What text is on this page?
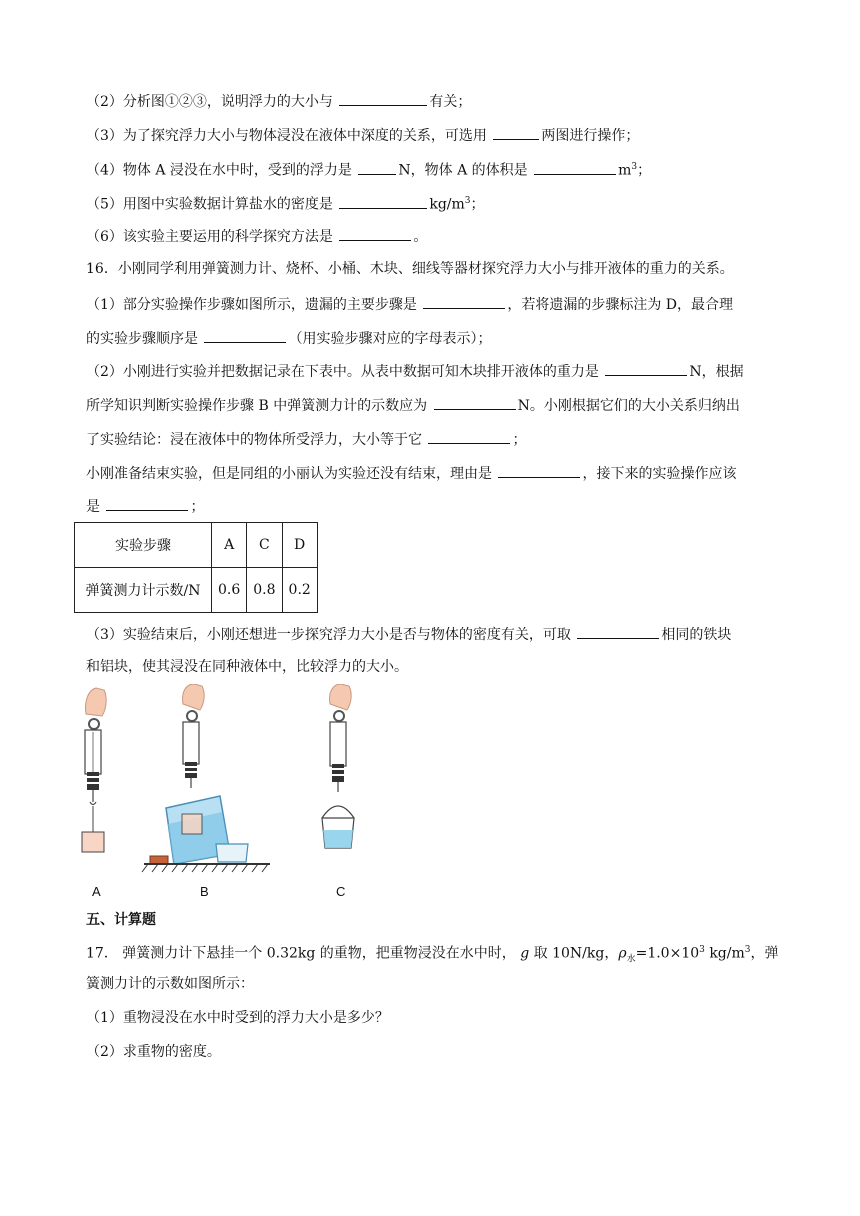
（2）分析图①②③，说明浮力的大小与	有关；
（3）为了探究浮力大小与物体浸没在液体中深度的关系，可选用	两图进行操作；
（4）物体 A 浸没在水中时，受到的浮力是	N，物体 A 的体积是	$m^3$；
（5）用图中实验数据计算盐水的密度是	$kg/m^3$；
（6）该实验主要运用的科学探究方法是	。
16．小刚同学利用弹簧测力计、烧杯、小桶、木块、细线等器材探究浮力大小与排开液体的重力的关系。
（1）部分实验操作步骤如图所示，遗漏的主要步骤是	，若将遗漏的步骤标注为 D，最合理
的实验步骤顺序是	（用实验步骤对应的字母表示）；
（2）小刚进行实验并把数据记录在下表中。从表中数据可知木块排开液体的重力是	N，根据
所学知识判断实验操作步骤 B 中弹簧测力计的示数应为	N。小刚根据它们的大小关系归纳出
了实验结论：浸在液体中的物体所受浮力，大小等于它	；
小刚准备结束实验，但是同组的小丽认为实验还没有结束，理由是	，接下来的实验操作应该
是	；
实验步骤	A	C	D
弹簧测力计示数/N	0.6	0.8	0.2
（3）实验结束后，小刚还想进一步探究浮力大小是否与物体的密度有关，可取	相同的铁块
和铝块，使其浸没在同种液体中，比较浮力的大小。
A	B	C
五、计算题
17． 弹簧测力计下悬挂一个 0.32kg 的重物，把重物浸没在水中时， g 取 10N/kg，$\rho_水=1.0\times 10^3$ $kg/m^3$，弹
簧测力计的示数如图所示：
（1）重物浸没在水中时受到的浮力大小是多少？
（2）求重物的密度。
